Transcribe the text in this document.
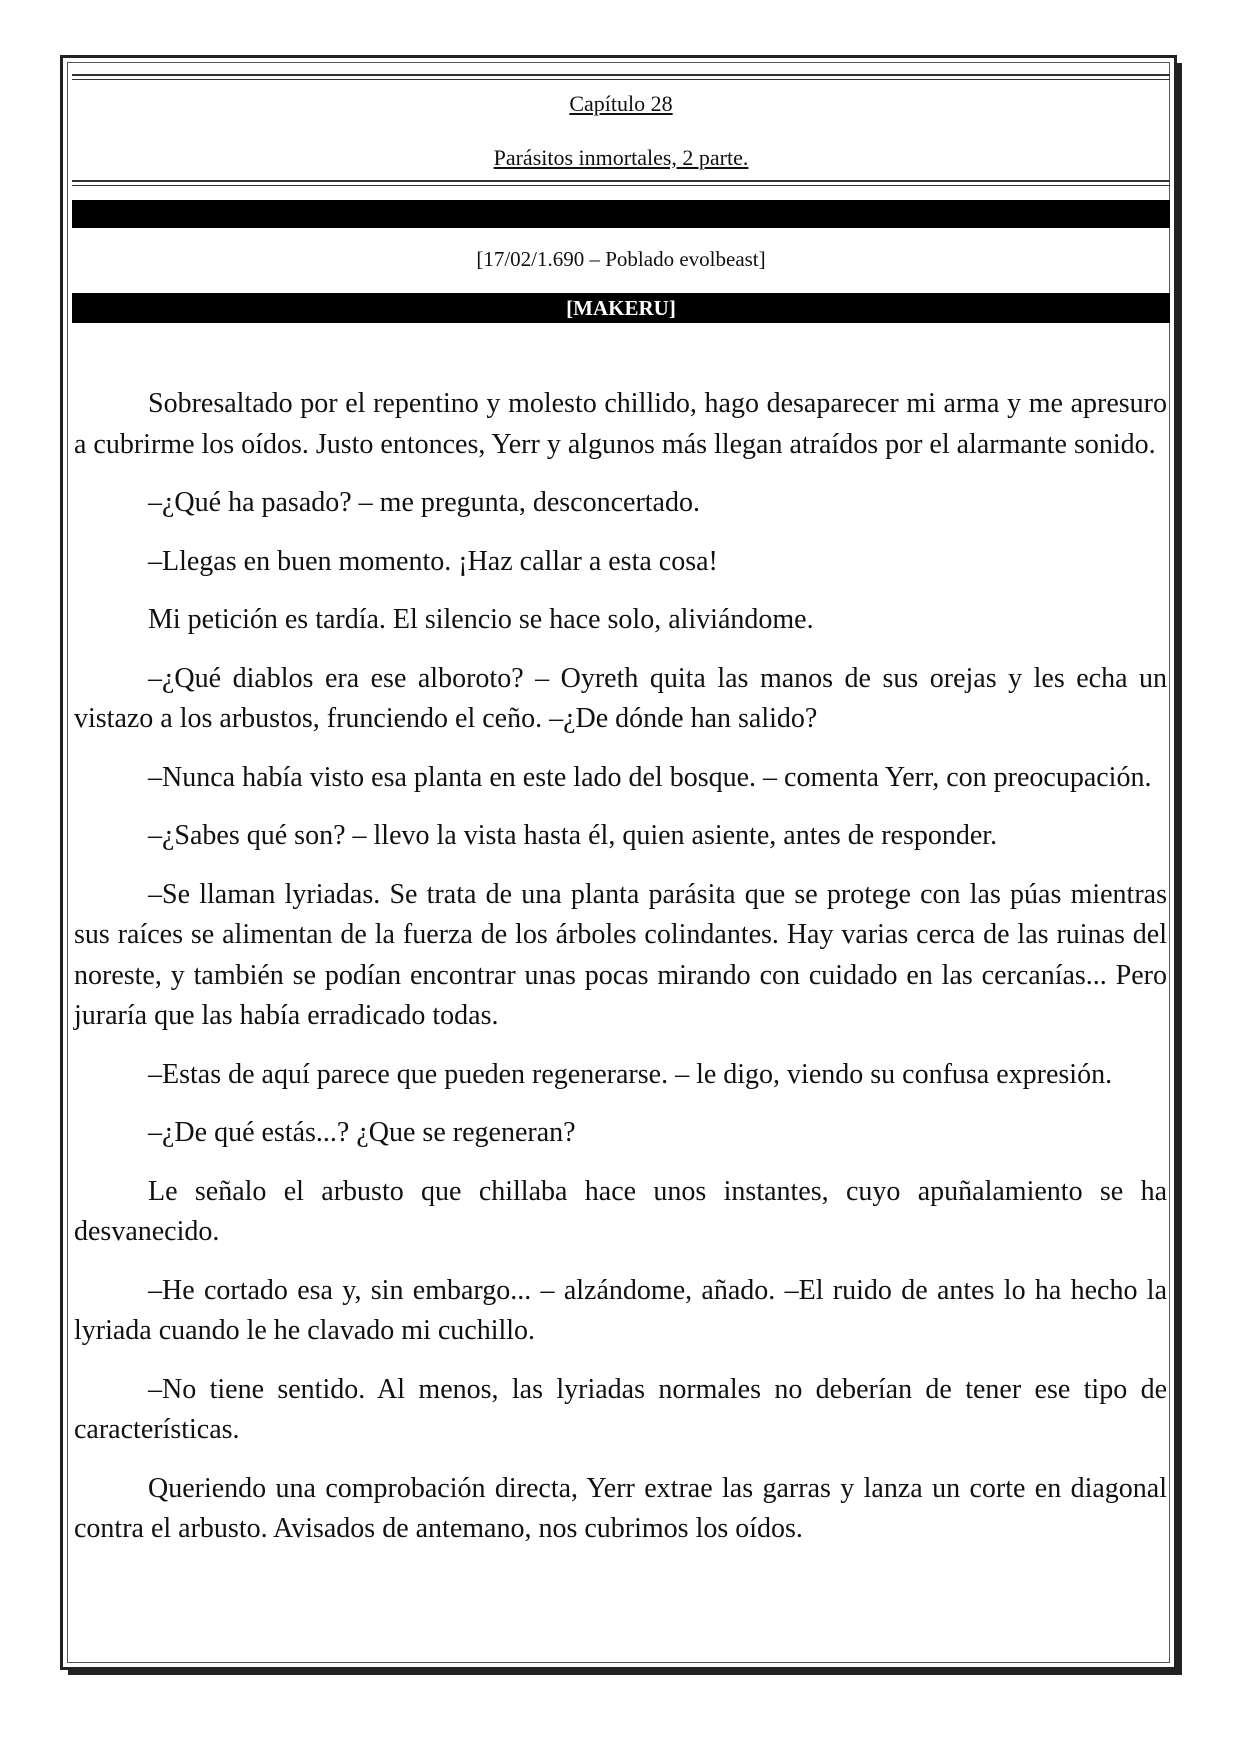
Capítulo 28
Parásitos inmortales, 2 parte.
[17/02/1.690 – Poblado evolbeast]
[MAKERU]

Sobresaltado por el repentino y molesto chillido, hago desaparecer mi arma y me apresuro a cubrirme los oídos. Justo entonces, Yerr y algunos más llegan atraídos por el alarmante sonido.

–¿Qué ha pasado? – me pregunta, desconcertado.

–Llegas en buen momento. ¡Haz callar a esta cosa!

Mi petición es tardía. El silencio se hace solo, aliviándome.

–¿Qué diablos era ese alboroto? – Oyreth quita las manos de sus orejas y les echa un vistazo a los arbustos, frunciendo el ceño. –¿De dónde han salido?

–Nunca había visto esa planta en este lado del bosque. – comenta Yerr, con preocupación.

–¿Sabes qué son? – llevo la vista hasta él, quien asiente, antes de responder.

–Se llaman lyriadas. Se trata de una planta parásita que se protege con las púas mientras sus raíces se alimentan de la fuerza de los árboles colindantes. Hay varias cerca de las ruinas del noreste, y también se podían encontrar unas pocas mirando con cuidado en las cercanías... Pero juraría que las había erradicado todas.

–Estas de aquí parece que pueden regenerarse. – le digo, viendo su confusa expresión.

–¿De qué estás...? ¿Que se regeneran?

Le señalo el arbusto que chillaba hace unos instantes, cuyo apuñalamiento se ha desvanecido.

–He cortado esa y, sin embargo... – alzándome, añado. –El ruido de antes lo ha hecho la lyriada cuando le he clavado mi cuchillo.

–No tiene sentido. Al menos, las lyriadas normales no deberían de tener ese tipo de características.

Queriendo una comprobación directa, Yerr extrae las garras y lanza un corte en diagonal contra el arbusto. Avisados de antemano, nos cubrimos los oídos.
